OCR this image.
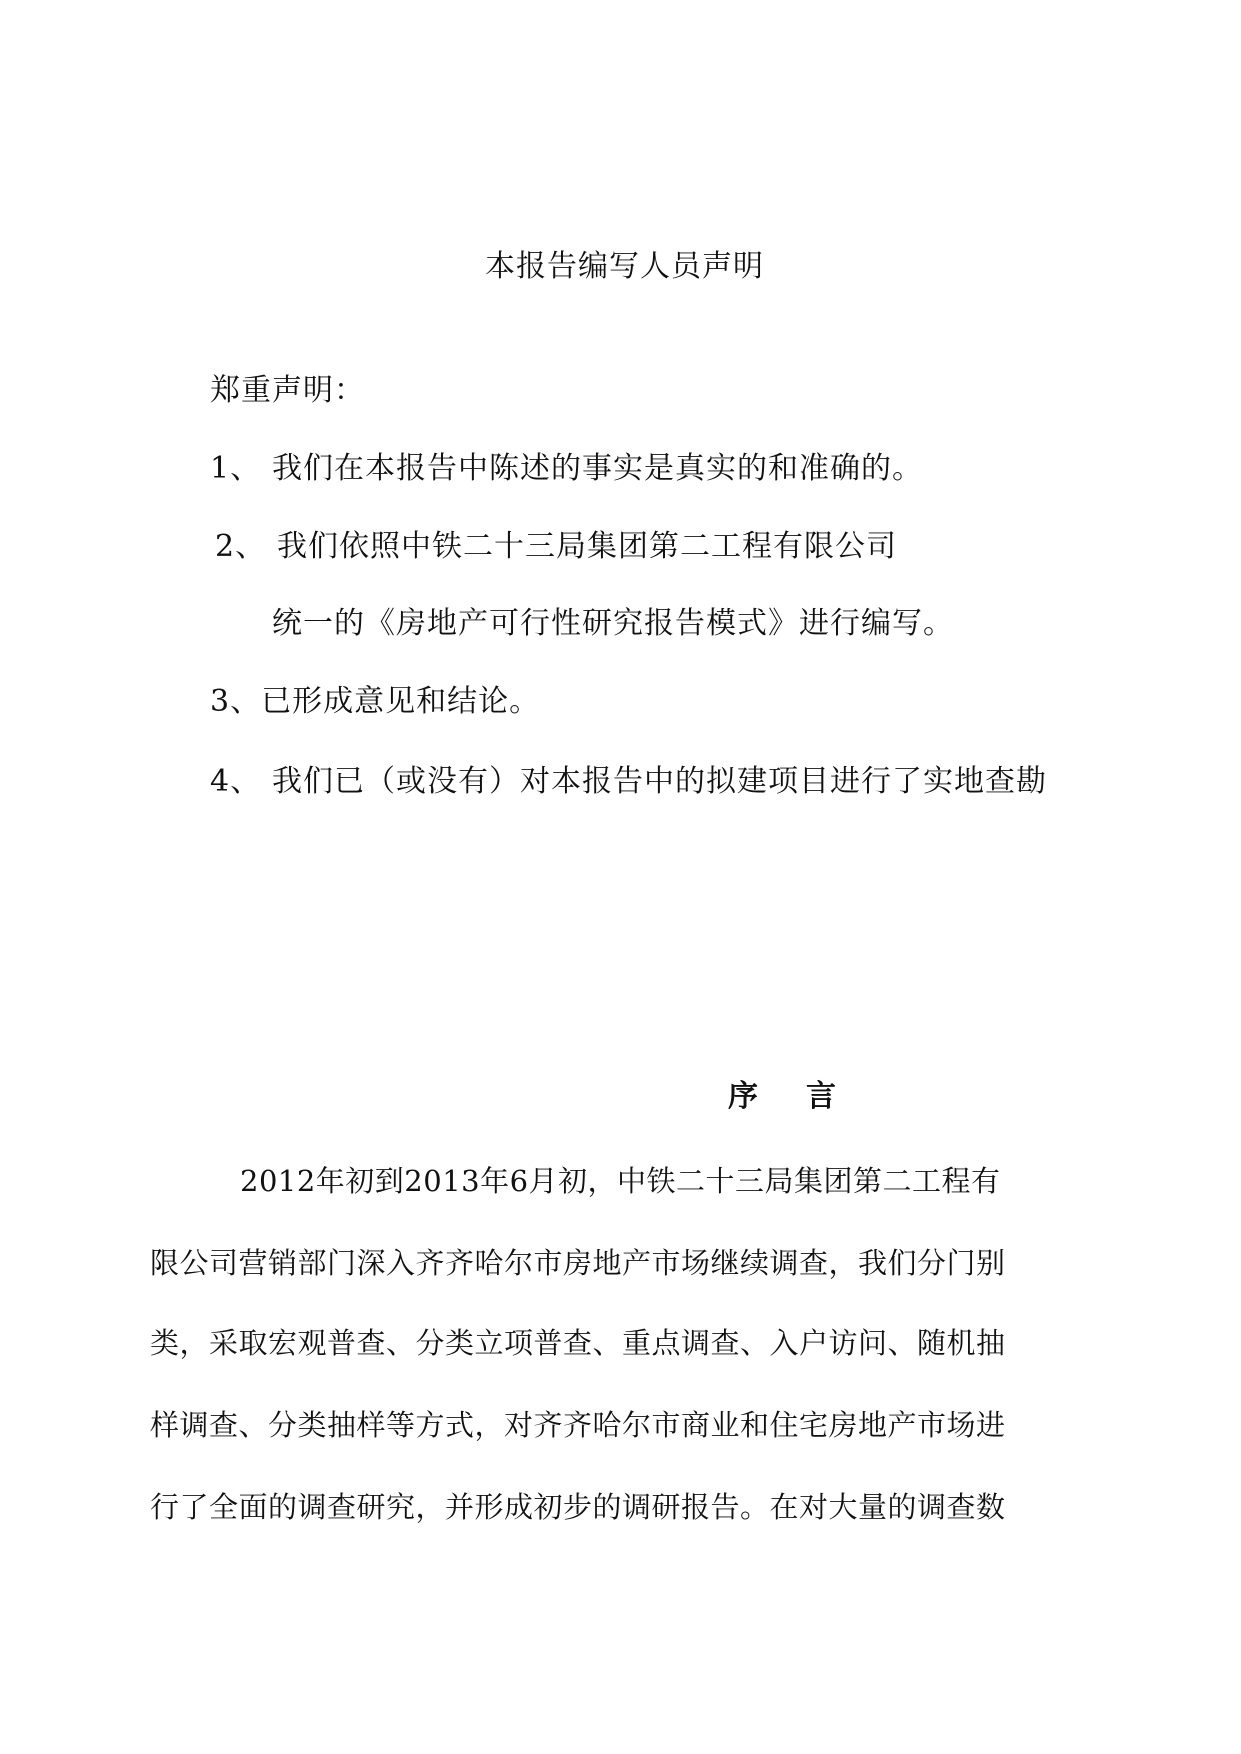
本报告编写人员声明
郑重声明：
1、 我们在本报告中陈述的事实是真实的和准确的。
2、 我们依照中铁二十三局集团第二工程有限公司
统一的《房地产可行性研究报告模式》进行编写。
3、已形成意见和结论。
4、 我们已（或没有）对本报告中的拟建项目进行了实地查勘
序 言
2012年初到2013年6月初，中铁二十三局集团第二工程有
限公司营销部门深入齐齐哈尔市房地产市场继续调查，我们分门别
类，采取宏观普查、分类立项普查、重点调查、入户访问、随机抽
样调查、分类抽样等方式，对齐齐哈尔市商业和住宅房地产市场进
行了全面的调查研究，并形成初步的调研报告。在对大量的调查数
